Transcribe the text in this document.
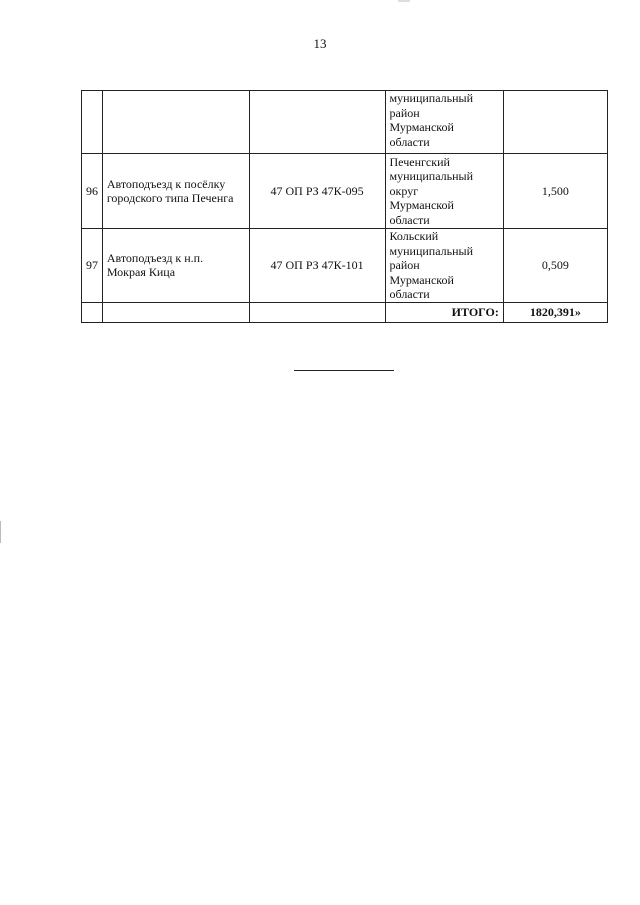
13

			муниципальный
район
Мурманской
области	

96	Автоподъезд к посёлку городского типа Печенга	47 ОП РЗ 47К-095	Печенгский
муниципальный
округ
Мурманской
области	1,500
97	Автоподъезд к н.п. Мокрая Кица	47 ОП РЗ 47К-101	Кольский
муниципальный
район
Мурманской
области	0,509
			ИТОГО:	1820,391»
